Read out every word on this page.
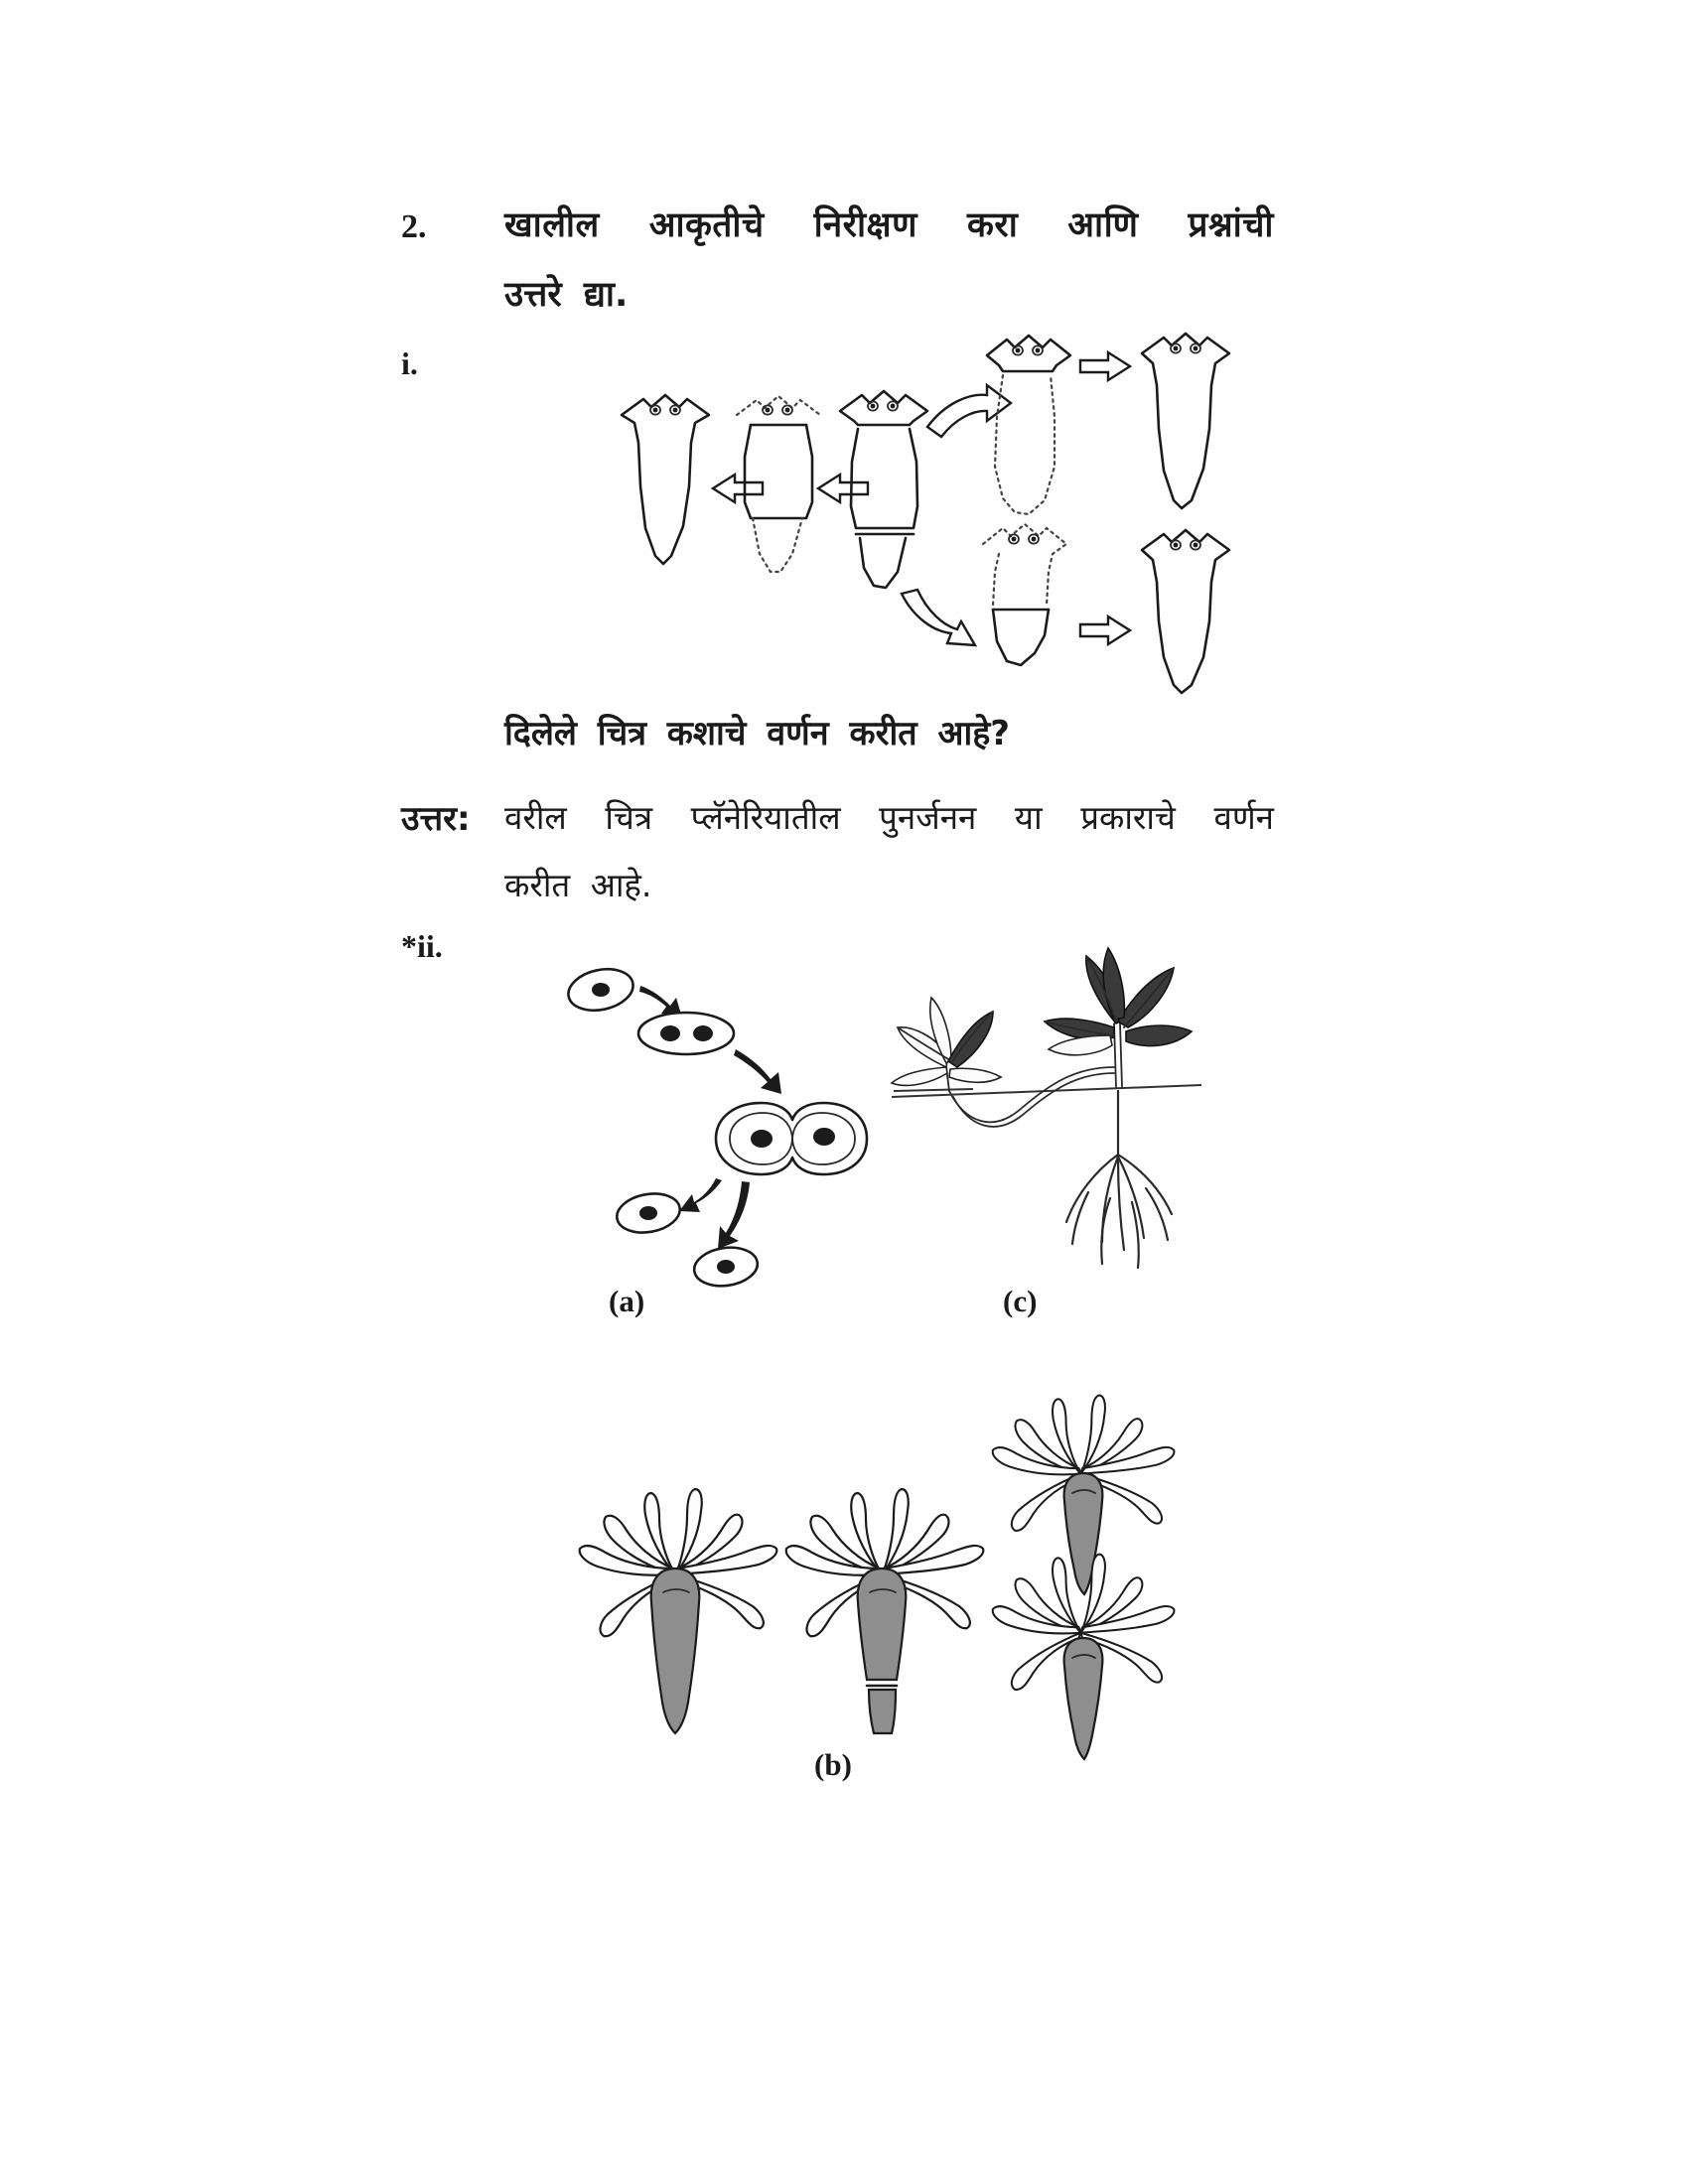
2. खालील आकृतीचे निरीक्षण करा आणि प्रश्नांची
उत्तरे द्या.
i.
दिलेले चित्र कशाचे वर्णन करीत आहे?
उत्तर: वरील चित्र प्लॅनेरियातील पुनर्जनन या प्रकाराचे वर्णन
करीत आहे.
*ii.
(a)	(c)
(b)
